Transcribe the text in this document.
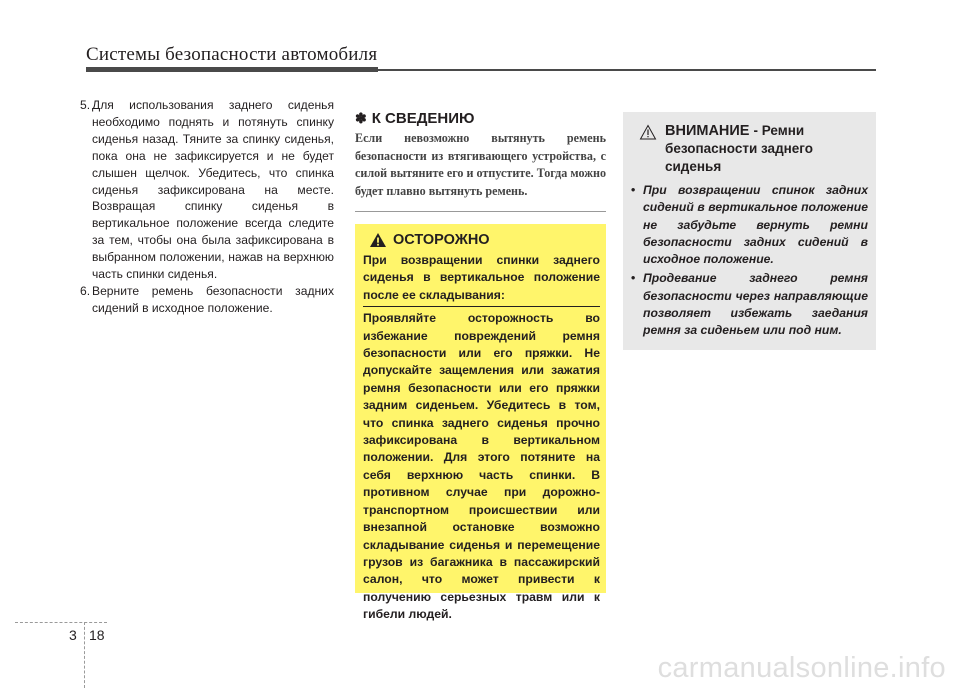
Системы безопасности автомобиля
5. Для использования заднего сиденья необходимо поднять и потянуть спинку сиденья назад. Тяните за спинку сиденья, пока она не зафиксируется и не будет слышен щелчок. Убедитесь, что спинка сиденья зафиксирована на месте. Возвращая спинку сиденья в вертикальное положение всегда следите за тем, чтобы она была зафиксирована в выбранном положении, нажав на верхнюю часть спинки сиденья.
6. Верните ремень безопасности задних сидений в исходное положение.
✽ К СВЕДЕНИЮ
Если невозможно вытянуть ремень безопасности из втягивающего устройства, с силой вытяните его и отпустите. Тогда можно будет плавно вытянуть ремень.
ОСТОРОЖНО

При возвращении спинки заднего сиденья в вертикальное положение после ее складывания:

Проявляйте осторожность во избежание повреждений ремня безопасности или его пряжки. Не допускайте защемления или зажатия ремня безопасности или его пряжки задним сиденьем. Убедитесь в том, что спинка заднего сиденья прочно зафиксирована в вертикальном положении. Для этого потяните на себя верхнюю часть спинки. В противном случае при дорожно-транспортном происшествии или внезапной остановке возможно складывание сиденья и перемещение грузов из багажника в пассажирский салон, что может привести к получению серьезных травм или к гибели людей.

ВНИМАНИЕ - Ремни безопасности заднего сиденья
• При возвращении спинок задних сидений в вертикальное положение не забудьте вернуть ремни безопасности задних сидений в исходное положение.
• Продевание заднего ремня безопасности через направляющие позволяет избежать заедания ремня за сиденьем или под ним.
3 18
carmanualsonline.info
